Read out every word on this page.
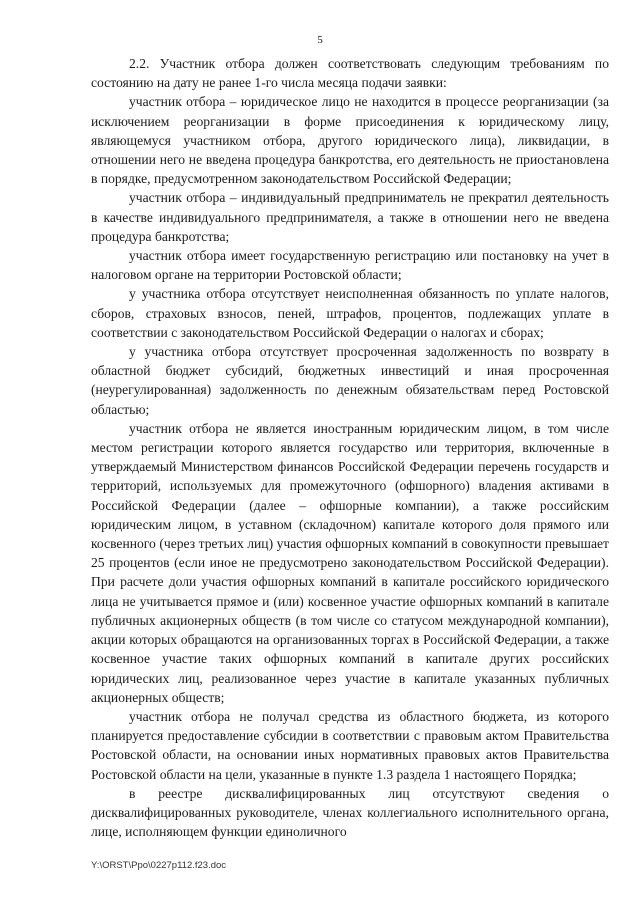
5

2.2. Участник отбора должен соответствовать следующим требованиям по состоянию на дату не ранее 1-го числа месяца подачи заявки:

участник отбора – юридическое лицо не находится в процессе реорганизации (за исключением реорганизации в форме присоединения к юридическому лицу, являющемуся участником отбора, другого юридического лица), ликвидации, в отношении него не введена процедура банкротства, его деятельность не приостановлена в порядке, предусмотренном законодательством Российской Федерации;

участник отбора – индивидуальный предприниматель не прекратил деятельность в качестве индивидуального предпринимателя, а также в отношении него не введена процедура банкротства;

участник отбора имеет государственную регистрацию или постановку на учет в налоговом органе на территории Ростовской области;

у участника отбора отсутствует неисполненная обязанность по уплате налогов, сборов, страховых взносов, пеней, штрафов, процентов, подлежащих уплате в соответствии с законодательством Российской Федерации о налогах и сборах;

у участника отбора отсутствует просроченная задолженность по возврату в областной бюджет субсидий, бюджетных инвестиций и иная просроченная (неурегулированная) задолженность по денежным обязательствам перед Ростовской областью;

участник отбора не является иностранным юридическим лицом, в том числе местом регистрации которого является государство или территория, включенные в утверждаемый Министерством финансов Российской Федерации перечень государств и территорий, используемых для промежуточного (офшорного) владения активами в Российской Федерации (далее – офшорные компании), а также российским юридическим лицом, в уставном (складочном) капитале которого доля прямого или косвенного (через третьих лиц) участия офшорных компаний в совокупности превышает 25 процентов (если иное не предусмотрено законодательством Российской Федерации). При расчете доли участия офшорных компаний в капитале российского юридического лица не учитывается прямое и (или) косвенное участие офшорных компаний в капитале публичных акционерных обществ (в том числе со статусом международной компании), акции которых обращаются на организованных торгах в Российской Федерации, а также косвенное участие таких офшорных компаний в капитале других российских юридических лиц, реализованное через участие в капитале указанных публичных акционерных обществ;

участник отбора не получал средства из областного бюджета, из которого планируется предоставление субсидии в соответствии с правовым актом Правительства Ростовской области, на основании иных нормативных правовых актов Правительства Ростовской области на цели, указанные в пункте 1.3 раздела 1 настоящего Порядка;

в реестре дисквалифицированных лиц отсутствуют сведения о дисквалифицированных руководителе, членах коллегиального исполнительного органа, лице, исполняющем функции единоличного

Y:\ORST\Ppo\0227p112.f23.doc
